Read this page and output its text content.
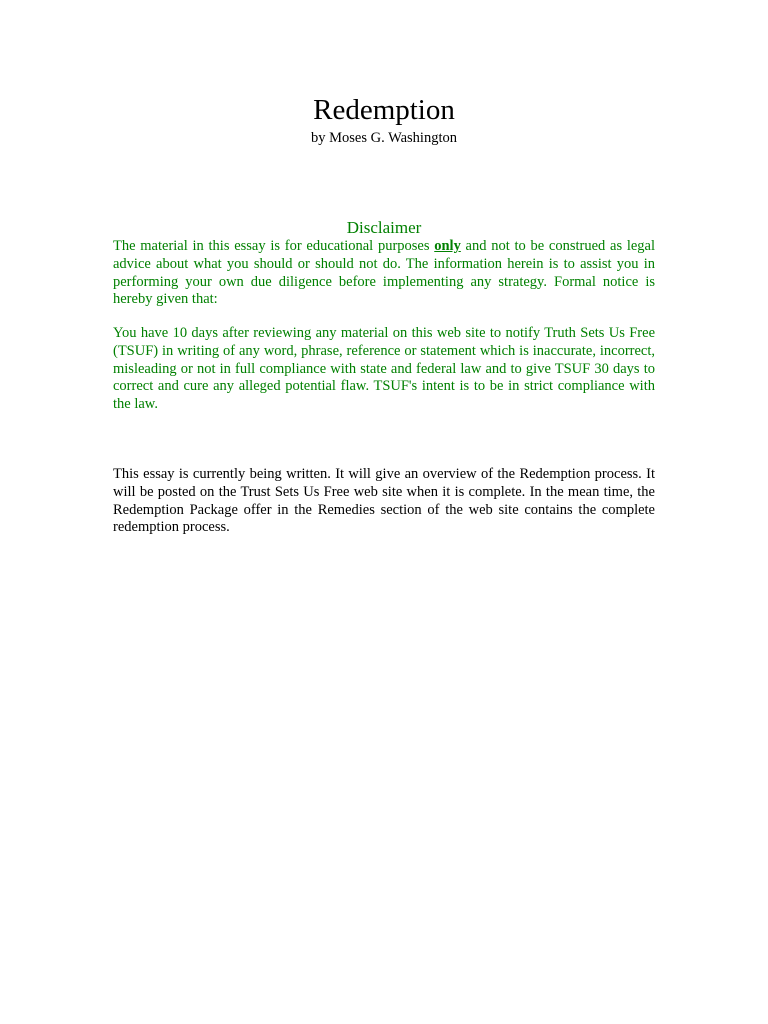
Redemption
by Moses G. Washington
Disclaimer

The material in this essay is for educational purposes only and not to be construed as legal advice about what you should or should not do. The information herein is to assist you in performing your own due diligence before implementing any strategy. Formal notice is hereby given that:

You have 10 days after reviewing any material on this web site to notify Truth Sets Us Free (TSUF) in writing of any word, phrase, reference or statement which is inaccurate, incorrect, misleading or not in full compliance with state and federal law and to give TSUF 30 days to correct and cure any alleged potential flaw. TSUF's intent is to be in strict compliance with the law.

This essay is currently being written. It will give an overview of the Redemption process. It will be posted on the Trust Sets Us Free web site when it is complete. In the mean time, the Redemption Package offer in the Remedies section of the web site contains the complete redemption process.
